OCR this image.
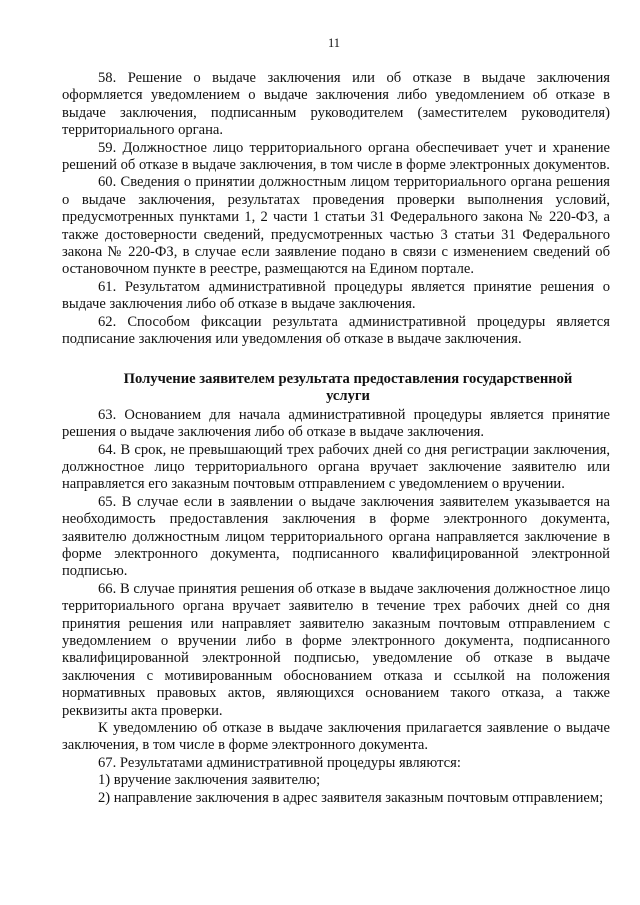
11

58. Решение о выдаче заключения или об отказе в выдаче заключения оформляется уведомлением о выдаче заключения либо уведомлением об отказе в выдаче заключения, подписанным руководителем (заместителем руководителя) территориального органа.

59. Должностное лицо территориального органа обеспечивает учет и хранение решений об отказе в выдаче заключения, в том числе в форме электронных документов.

60. Сведения о принятии должностным лицом территориального органа решения о выдаче заключения, результатах проведения проверки выполнения условий, предусмотренных пунктами 1, 2 части 1 статьи 31 Федерального закона № 220-ФЗ, а также достоверности сведений, предусмотренных частью 3 статьи 31 Федерального закона № 220-ФЗ, в случае если заявление подано в связи с изменением сведений об остановочном пункте в реестре, размещаются на Едином портале.

61. Результатом административной процедуры является принятие решения о выдаче заключения либо об отказе в выдаче заключения.

62. Способом фиксации результата административной процедуры является подписание заключения или уведомления об отказе в выдаче заключения.

Получение заявителем результата предоставления государственной услуги

63. Основанием для начала административной процедуры является принятие решения о выдаче заключения либо об отказе в выдаче заключения.

64. В срок, не превышающий трех рабочих дней со дня регистрации заключения, должностное лицо территориального органа вручает заключение заявителю или направляется его заказным почтовым отправлением с уведомлением о вручении.

65. В случае если в заявлении о выдаче заключения заявителем указывается на необходимость предоставления заключения в форме электронного документа, заявителю должностным лицом территориального органа направляется заключение в форме электронного документа, подписанного квалифицированной электронной подписью.

66. В случае принятия решения об отказе в выдаче заключения должностное лицо территориального органа вручает заявителю в течение трех рабочих дней со дня принятия решения или направляет заявителю заказным почтовым отправлением с уведомлением о вручении либо в форме электронного документа, подписанного квалифицированной электронной подписью, уведомление об отказе в выдаче заключения с мотивированным обоснованием отказа и ссылкой на положения нормативных правовых актов, являющихся основанием такого отказа, а также реквизиты акта проверки.

К уведомлению об отказе в выдаче заключения прилагается заявление о выдаче заключения, в том числе в форме электронного документа.

67. Результатами административной процедуры являются:

1) вручение заключения заявителю;

2) направление заключения в адрес заявителя заказным почтовым отправлением;
